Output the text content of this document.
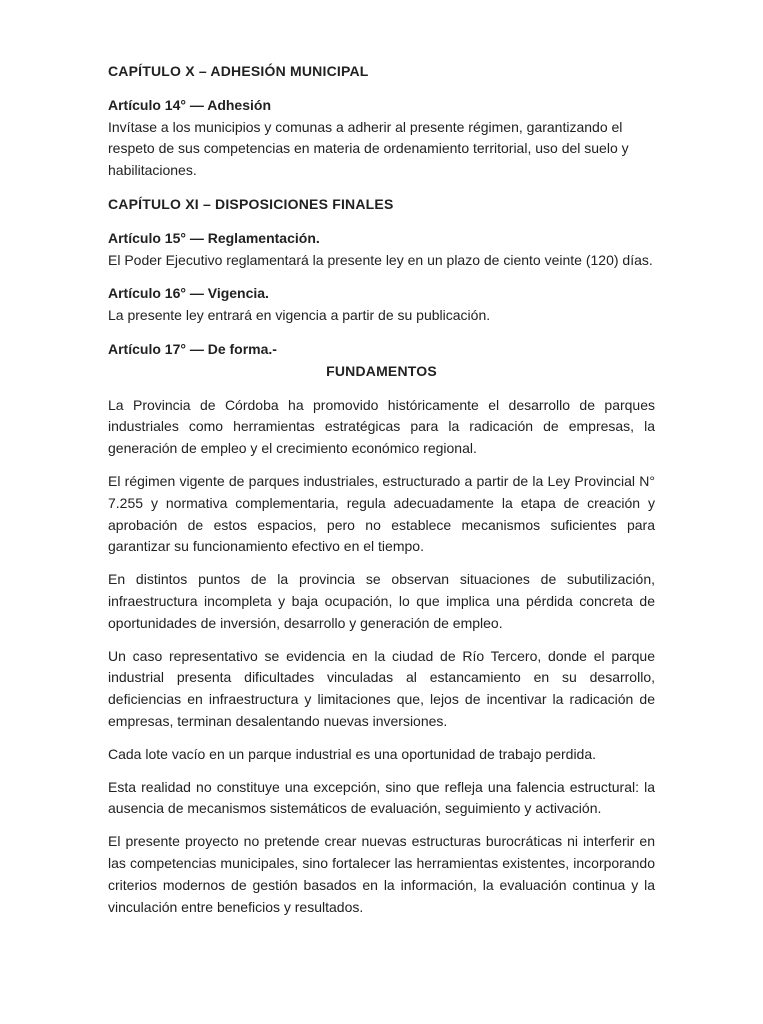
CAPÍTULO X – ADHESIÓN MUNICIPAL

Artículo 14° — Adhesión

Invítase a los municipios y comunas a adherir al presente régimen, garantizando el respeto de sus competencias en materia de ordenamiento territorial, uso del suelo y habilitaciones.

CAPÍTULO XI – DISPOSICIONES FINALES

Artículo 15° — Reglamentación.

El Poder Ejecutivo reglamentará la presente ley en un plazo de ciento veinte (120) días.

Artículo 16° — Vigencia.

La presente ley entrará en vigencia a partir de su publicación.

Artículo 17° — De forma.-

FUNDAMENTOS

La Provincia de Córdoba ha promovido históricamente el desarrollo de parques industriales como herramientas estratégicas para la radicación de empresas, la generación de empleo y el crecimiento económico regional.

El régimen vigente de parques industriales, estructurado a partir de la Ley Provincial N° 7.255 y normativa complementaria, regula adecuadamente la etapa de creación y aprobación de estos espacios, pero no establece mecanismos suficientes para garantizar su funcionamiento efectivo en el tiempo.

En distintos puntos de la provincia se observan situaciones de subutilización, infraestructura incompleta y baja ocupación, lo que implica una pérdida concreta de oportunidades de inversión, desarrollo y generación de empleo.

Un caso representativo se evidencia en la ciudad de Río Tercero, donde el parque industrial presenta dificultades vinculadas al estancamiento en su desarrollo, deficiencias en infraestructura y limitaciones que, lejos de incentivar la radicación de empresas, terminan desalentando nuevas inversiones.

Cada lote vacío en un parque industrial es una oportunidad de trabajo perdida.

Esta realidad no constituye una excepción, sino que refleja una falencia estructural: la ausencia de mecanismos sistemáticos de evaluación, seguimiento y activación.

El presente proyecto no pretende crear nuevas estructuras burocráticas ni interferir en las competencias municipales, sino fortalecer las herramientas existentes, incorporando criterios modernos de gestión basados en la información, la evaluación continua y la vinculación entre beneficios y resultados.
